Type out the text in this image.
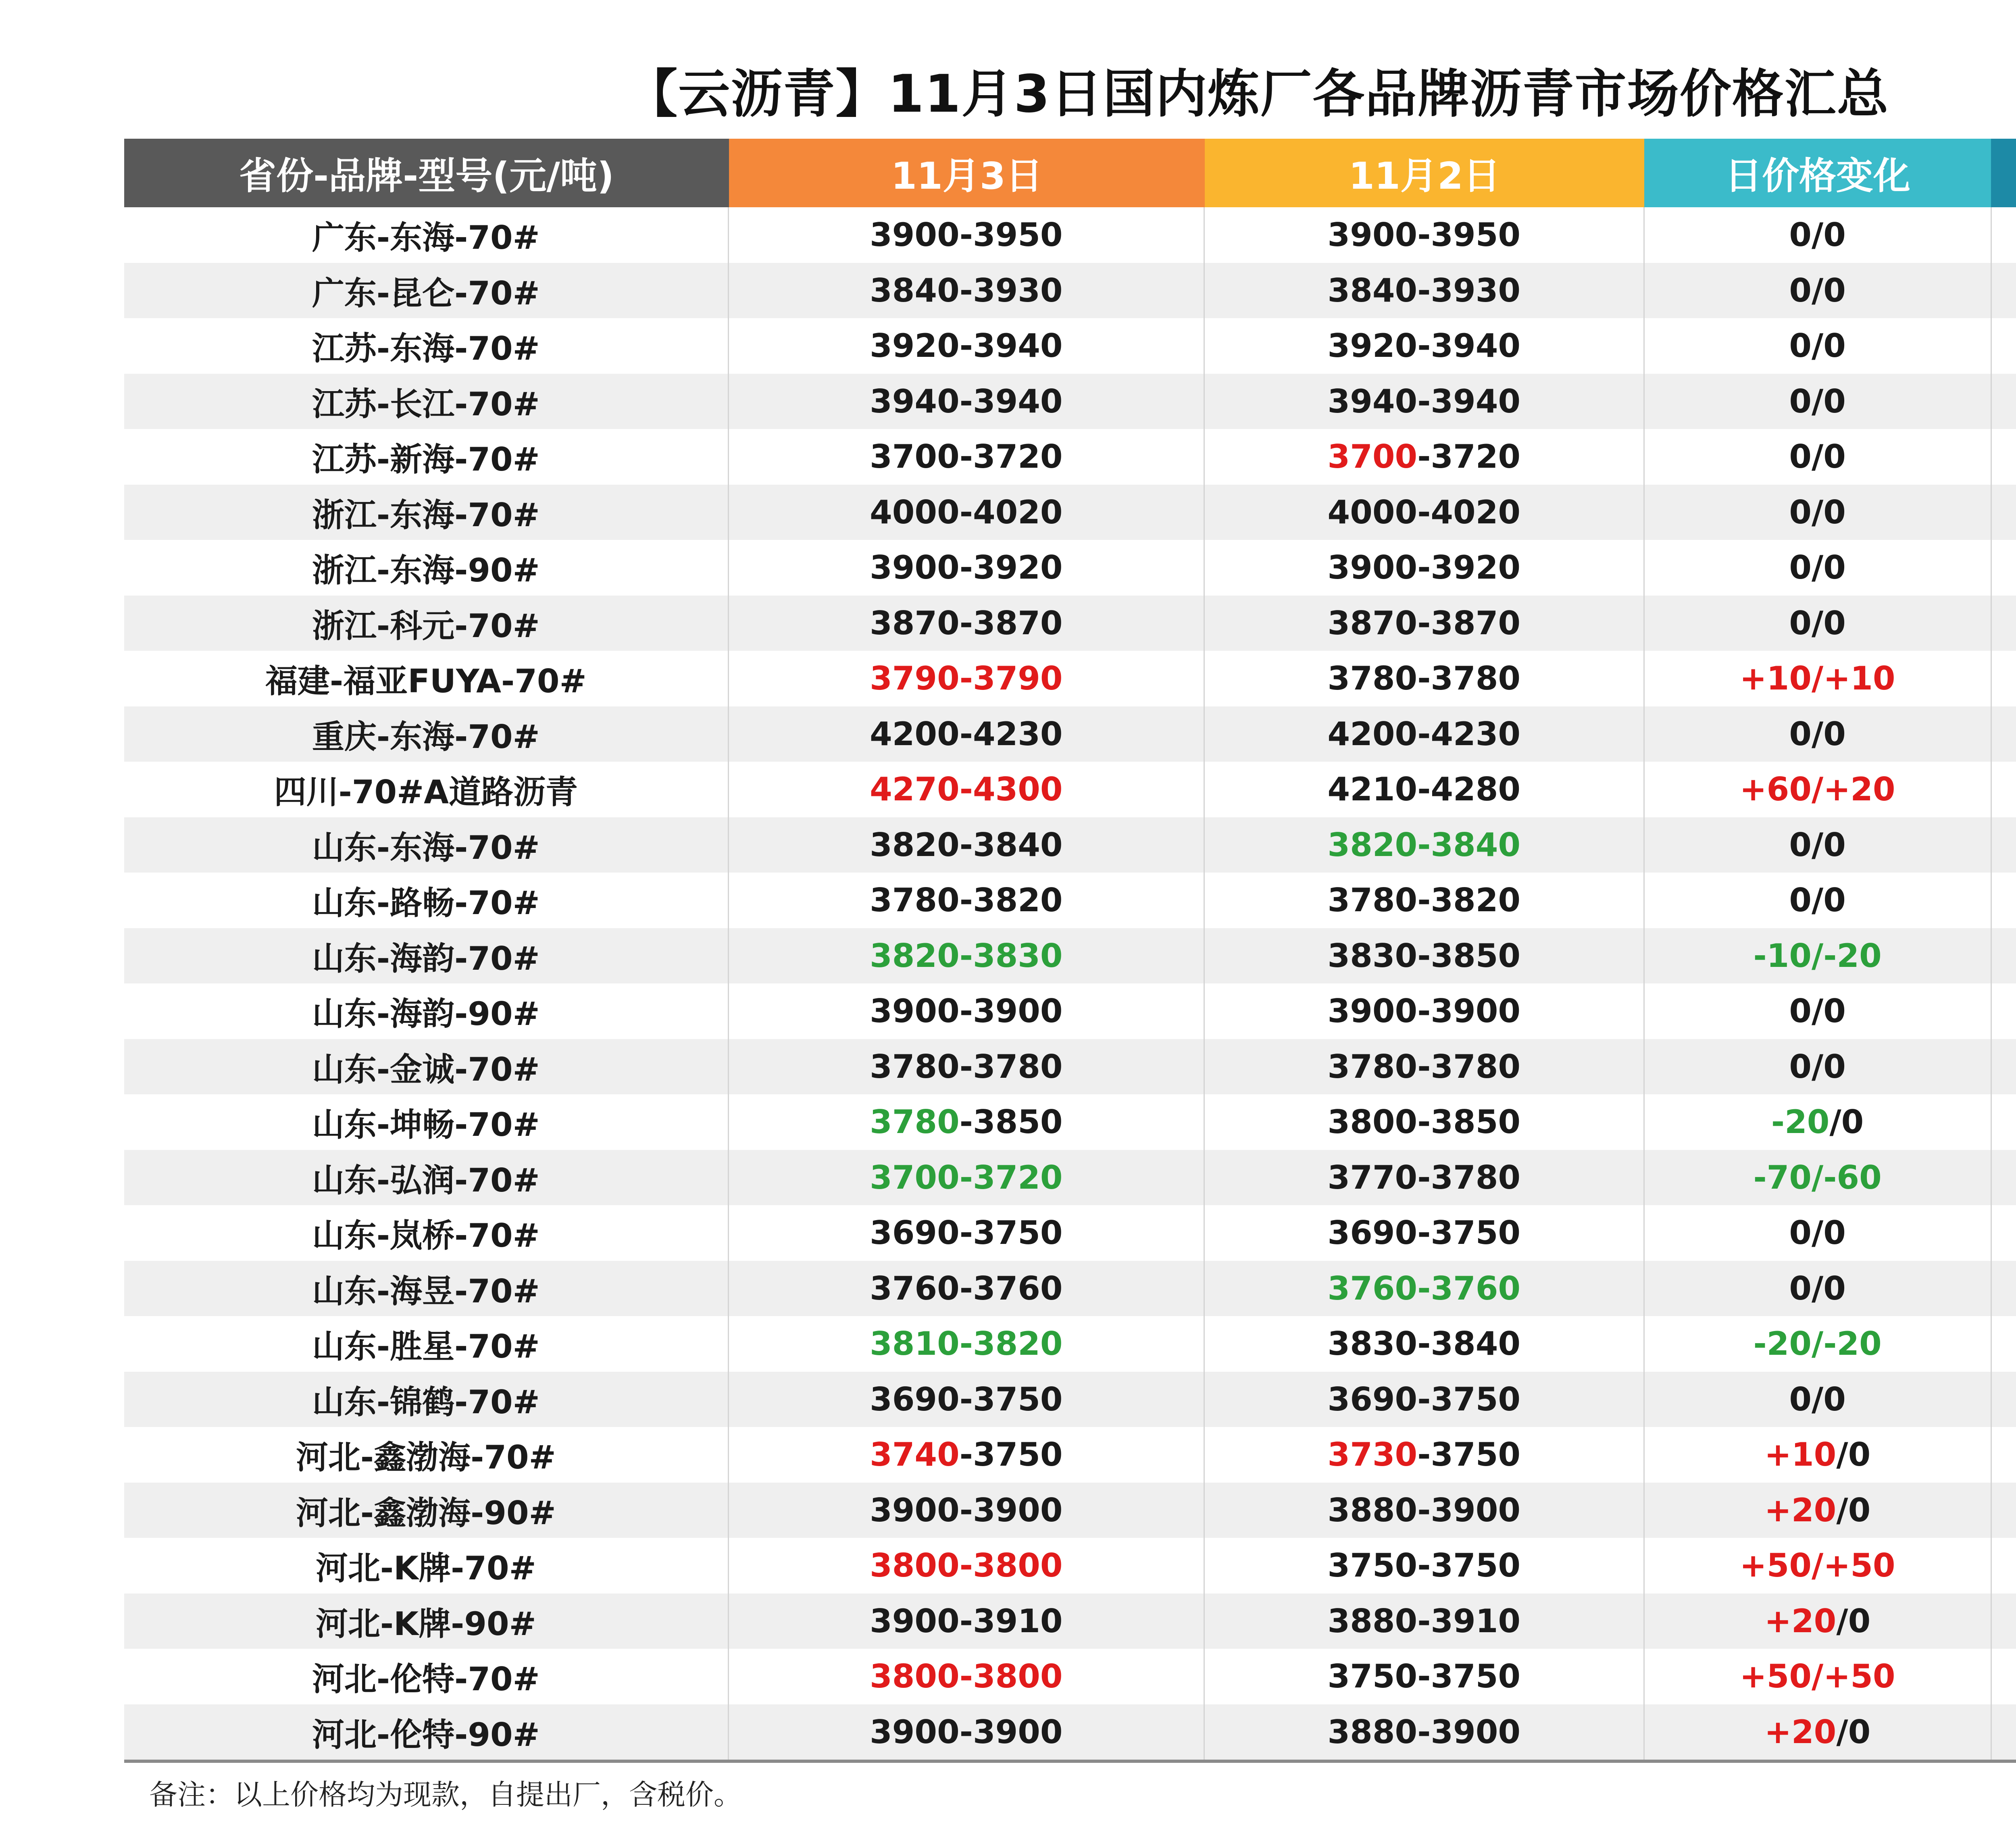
【云沥青】11月3日国内炼厂各品牌沥青市场价格汇总
省份-品牌-型号(元/吨)	11月3日	11月2日	日价格变化
广东-东海-70#	3900-3950	3900-3950	0/0
广东-昆仑-70#	3840-3930	3840-3930	0/0
江苏-东海-70#	3920-3940	3920-3940	0/0
江苏-长江-70#	3940-3940	3940-3940	0/0
江苏-新海-70#	3700-3720	3700 -3720	0/0
浙江-东海-70#	4000-4020	4000-4020	0/0
浙江-东海-90#	3900-3920	3900-3920	0/0
浙江-科元-70#	3870-3870	3870-3870	0/0
福建-福亚FUYA-70#	3790-3790	3780-3780	+10/+10
重庆-东海-70#	4200-4230	4200-4230	0/0
四川-70#A道路沥青	4270-4300	4210-4280	+60/+20
山东-东海-70#	3820-3840	3820-3840	0/0
山东-路畅-70#	3780-3820	3780-3820	0/0
山东-海韵-70#	3820-3830	3830-3850	-10/-20
山东-海韵-90#	3900-3900	3900-3900	0/0
山东-金诚-70#	3780-3780	3780-3780	0/0
山东-坤畅-70#	3780 -3850	3800-3850	-20 /0
山东-弘润-70#	3700-3720	3770-3780	-70/-60
山东-岚桥-70#	3690-3750	3690-3750	0/0
山东-海昱-70#	3760-3760	3760-3760	0/0
山东-胜星-70#	3810-3820	3830-3840	-20/-20
山东-锦鹤-70#	3690-3750	3690-3750	0/0
河北-鑫渤海-70#	3740 -3750	3730 -3750	+10 /0
河北-鑫渤海-90#	3900-3900	3880-3900	+20 /0
河北-K牌-70#	3800-3800	3750-3750	+50/+50
河北-K牌-90#	3900-3910	3880-3910	+20 /0
河北-伦特-70#	3800-3800	3750-3750	+50/+50
河北-伦特-90#	3900-3900	3880-3900	+20 /0
备注：以上价格均为现款，自提出厂，含税价。
